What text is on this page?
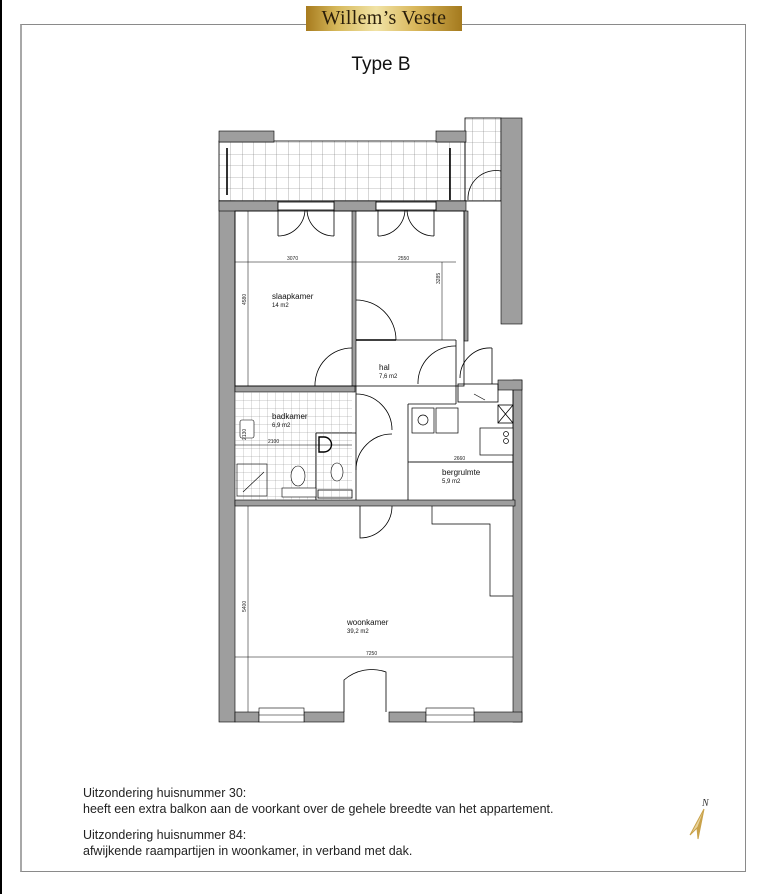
Willem’s Veste
Type B
3070	2550
3285
4580
2100
2130
2660
5400
7250
slaapkamer
14 m2
hal
7,6 m2
badkamer
6,9 m2
bergrulmte
5,9 m2
woonkamer
39,2 m2

Uitzondering huisnummer 30:
heeft een extra balkon aan de voorkant over de gehele breedte van het appartement.

Uitzondering huisnummer 84:
afwijkende raampartijen in woonkamer, in verband met dak.

N
